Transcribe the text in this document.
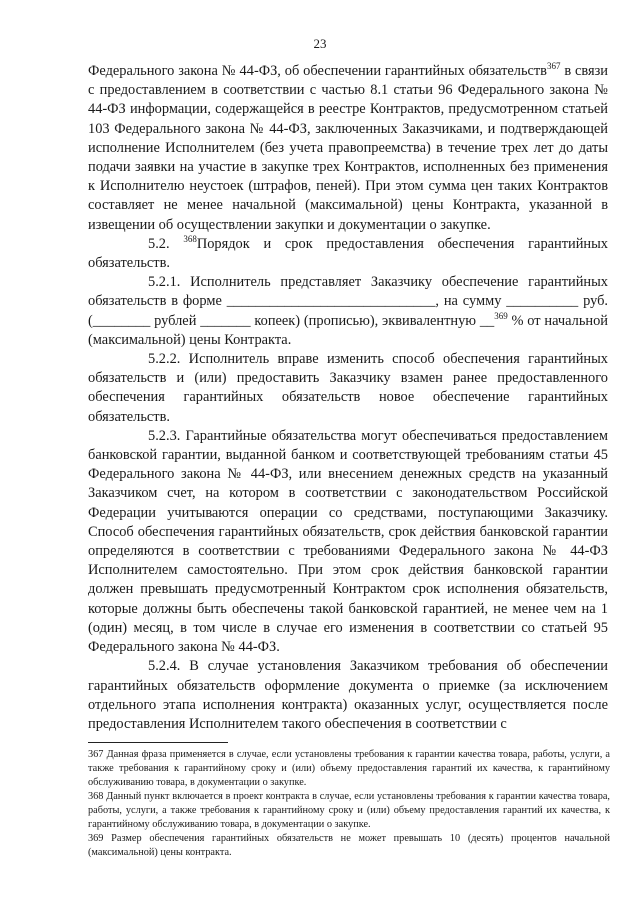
23

Федерального закона № 44-ФЗ, об обеспечении гарантийных обязательств$^{367}$ в связи с предоставлением в соответствии с частью 8.1 статьи 96 Федерального закона № 44-ФЗ информации, содержащейся в реестре Контрактов, предусмотренном статьей 103 Федерального закона № 44-ФЗ, заключенных Заказчиками, и подтверждающей исполнение Исполнителем (без учета правопреемства) в течение трех лет до даты подачи заявки на участие в закупке трех Контрактов, исполненных без применения к Исполнителю неустоек (штрафов, пеней). При этом сумма цен таких Контрактов составляет не менее начальной (максимальной) цены Контракта, указанной в извещении об осуществлении закупки и документации о закупке.

5.2. $^{368}$Порядок и срок предоставления обеспечения гарантийных обязательств.

5.2.1. Исполнитель представляет Заказчику обеспечение гарантийных обязательств в форме _____________________________, на сумму __________ руб. (________ рублей _______ копеек) (прописью), эквивалентную __$^{369}$ % от начальной (максимальной) цены Контракта.

5.2.2. Исполнитель вправе изменить способ обеспечения гарантийных обязательств и (или) предоставить Заказчику взамен ранее предоставленного обеспечения гарантийных обязательств новое обеспечение гарантийных обязательств.

5.2.3. Гарантийные обязательства могут обеспечиваться предоставлением банковской гарантии, выданной банком и соответствующей требованиям статьи 45 Федерального закона № 44-ФЗ, или внесением денежных средств на указанный Заказчиком счет, на котором в соответствии с законодательством Российской Федерации учитываются операции со средствами, поступающими Заказчику. Способ обеспечения гарантийных обязательств, срок действия банковской гарантии определяются в соответствии с требованиями Федерального закона № 44-ФЗ Исполнителем самостоятельно. При этом срок действия банковской гарантии должен превышать предусмотренный Контрактом срок исполнения обязательств, которые должны быть обеспечены такой банковской гарантией, не менее чем на 1 (один) месяц, в том числе в случае его изменения в соответствии со статьей 95 Федерального закона № 44-ФЗ.

5.2.4. В случае установления Заказчиком требования об обеспечении гарантийных обязательств оформление документа о приемке (за исключением отдельного этапа исполнения контракта) оказанных услуг, осуществляется после предоставления Исполнителем такого обеспечения в соответствии с

367 Данная фраза применяется в случае, если установлены требования к гарантии качества товара, работы, услуги, а также требования к гарантийному сроку и (или) объему предоставления гарантий их качества, к гарантийному обслуживанию товара, в документации о закупке.

368 Данный пункт включается в проект контракта в случае, если установлены требования к гарантии качества товара, работы, услуги, а также требования к гарантийному сроку и (или) объему предоставления гарантий их качества, к гарантийному обслуживанию товара, в документации о закупке.

369 Размер обеспечения гарантийных обязательств не может превышать 10 (десять) процентов начальной (максимальной) цены контракта.
